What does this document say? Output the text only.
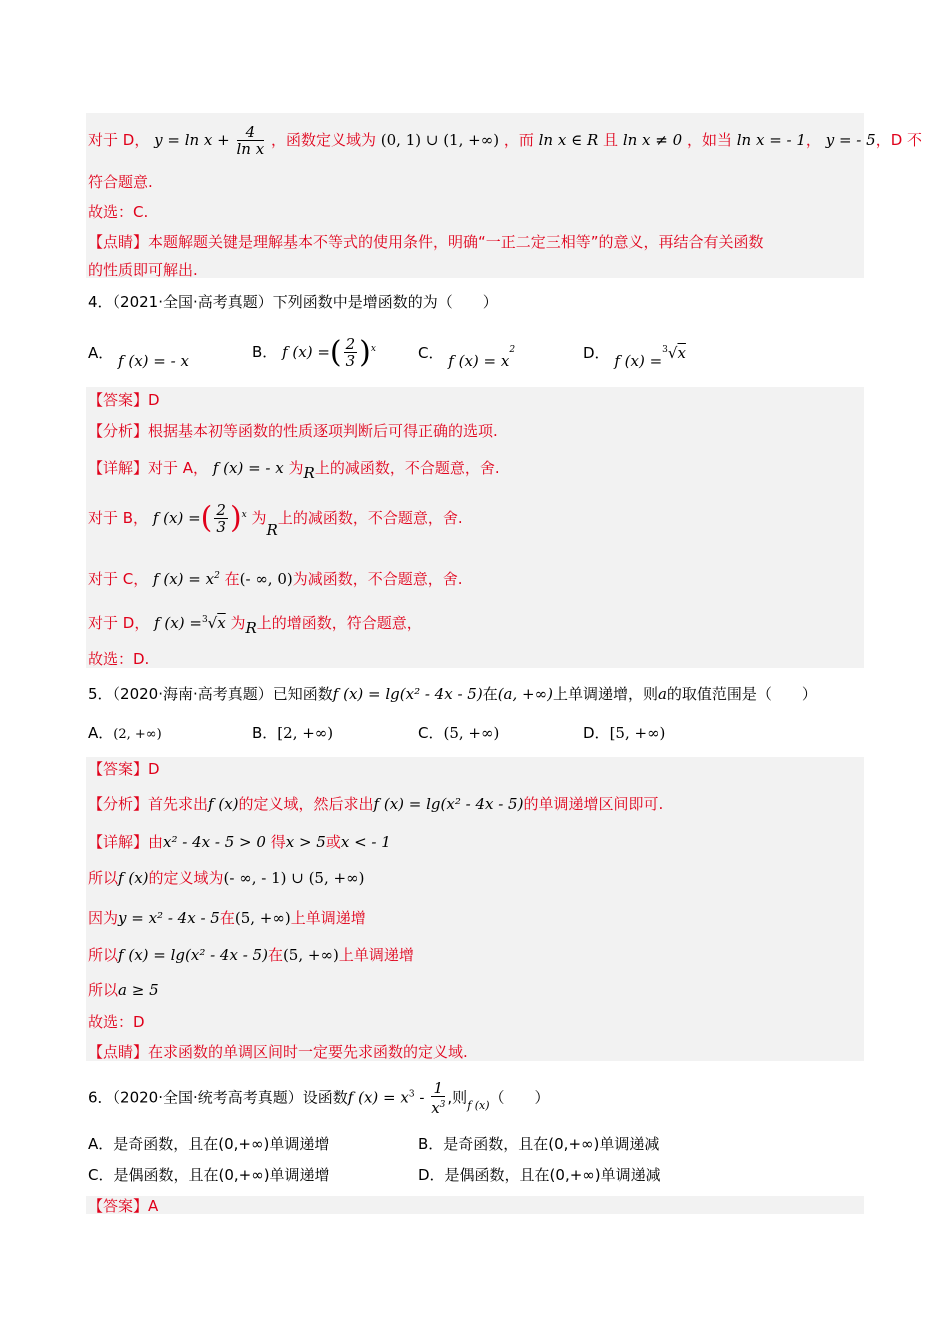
对于 D， $y = \ln x + \frac{4}{\text{ln x}}$ ，函数定义域为 (0, 1) ∪ (1, +∞) ，而 ln x ∈ R 且 ln x ≠ 0 ，如当 ln x = - 1， y = - 5，D 不
符合题意.
故选：C.
【点睛】本题解题关键是理解基本不等式的使用条件，明确“一正二定三相等”的意义，再结合有关函数
的性质即可解出.
4．（2021·全国·高考真题）下列函数中是增函数的为（　　）
A． f (x) = - x	B． f (x) =( $\frac{2}{3} )^x$	C． f $(x) = x^2$	D． f (x) =$^3$√x
【答案】D
【分析】根据基本初等函数的性质逐项判断后可得正确的选项.
【详解】对于 A， f (x) = - x 为R上的减函数，不合题意，舍.
对于 B， f (x) =( $\frac{2}{3} )^x$ 为R上的减函数，不合题意，舍.
对于 C， f $(x) = x^2$ 在(- ∞, 0)为减函数，不合题意，舍.
对于 D， f (x) =$^3$√x 为R上的增函数，符合题意，
故选：D.
5．（2020·海南·高考真题）已知函数f (x) = lg(x² - 4x - 5)在(a, +∞)上单调递增，则a的取值范围是（　　）
A．(2, +∞)	B．[2, +∞)	C．(5, +∞)	D．[5, +∞)
【答案】D
【分析】首先求出f (x)的定义域，然后求出f (x) = lg(x² - 4x - 5)的单调递增区间即可.
【详解】由x² - 4x - 5 > 0 得x > 5或x < - 1
所以f (x)的定义域为(- ∞, - 1) ∪ (5, +∞)
因为y = x² - 4x - 5在(5, +∞)上单调递增
所以f (x) = lg(x² - 4x - 5)在(5, +∞)上单调递增
所以a ≥ 5
故选：D
【点睛】在求函数的单调区间时一定要先求函数的定义域.
6．（2020·全国·统考高考真题）设函数f $(x) = x^3 - \frac{1}{x^3}$ ,则$_{f (x)}$（　　）
A．是奇函数，且在(0,+∞)单调递增	B．是奇函数，且在(0,+∞)单调递减
C．是偶函数，且在(0,+∞)单调递增	D．是偶函数，且在(0,+∞)单调递减
【答案】A
